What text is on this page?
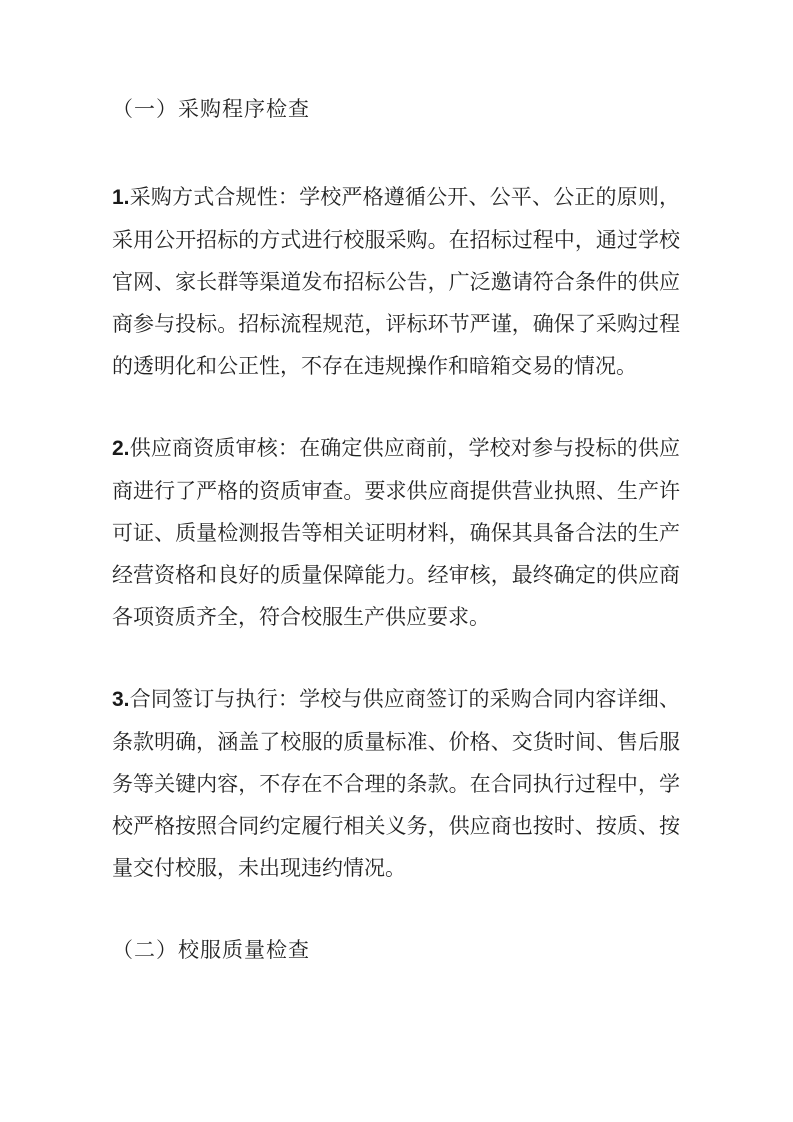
（一）采购程序检查

1.采购方式合规性：学校严格遵循公开、公平、公正的原则，采用公开招标的方式进行校服采购。在招标过程中，通过学校官网、家长群等渠道发布招标公告，广泛邀请符合条件的供应商参与投标。招标流程规范，评标环节严谨，确保了采购过程的透明化和公正性，不存在违规操作和暗箱交易的情况。

2.供应商资质审核：在确定供应商前，学校对参与投标的供应商进行了严格的资质审查。要求供应商提供营业执照、生产许可证、质量检测报告等相关证明材料，确保其具备合法的生产经营资格和良好的质量保障能力。经审核，最终确定的供应商各项资质齐全，符合校服生产供应要求。

3.合同签订与执行：学校与供应商签订的采购合同内容详细、条款明确，涵盖了校服的质量标准、价格、交货时间、售后服务等关键内容，不存在不合理的条款。在合同执行过程中，学校严格按照合同约定履行相关义务，供应商也按时、按质、按量交付校服，未出现违约情况。

（二）校服质量检查
